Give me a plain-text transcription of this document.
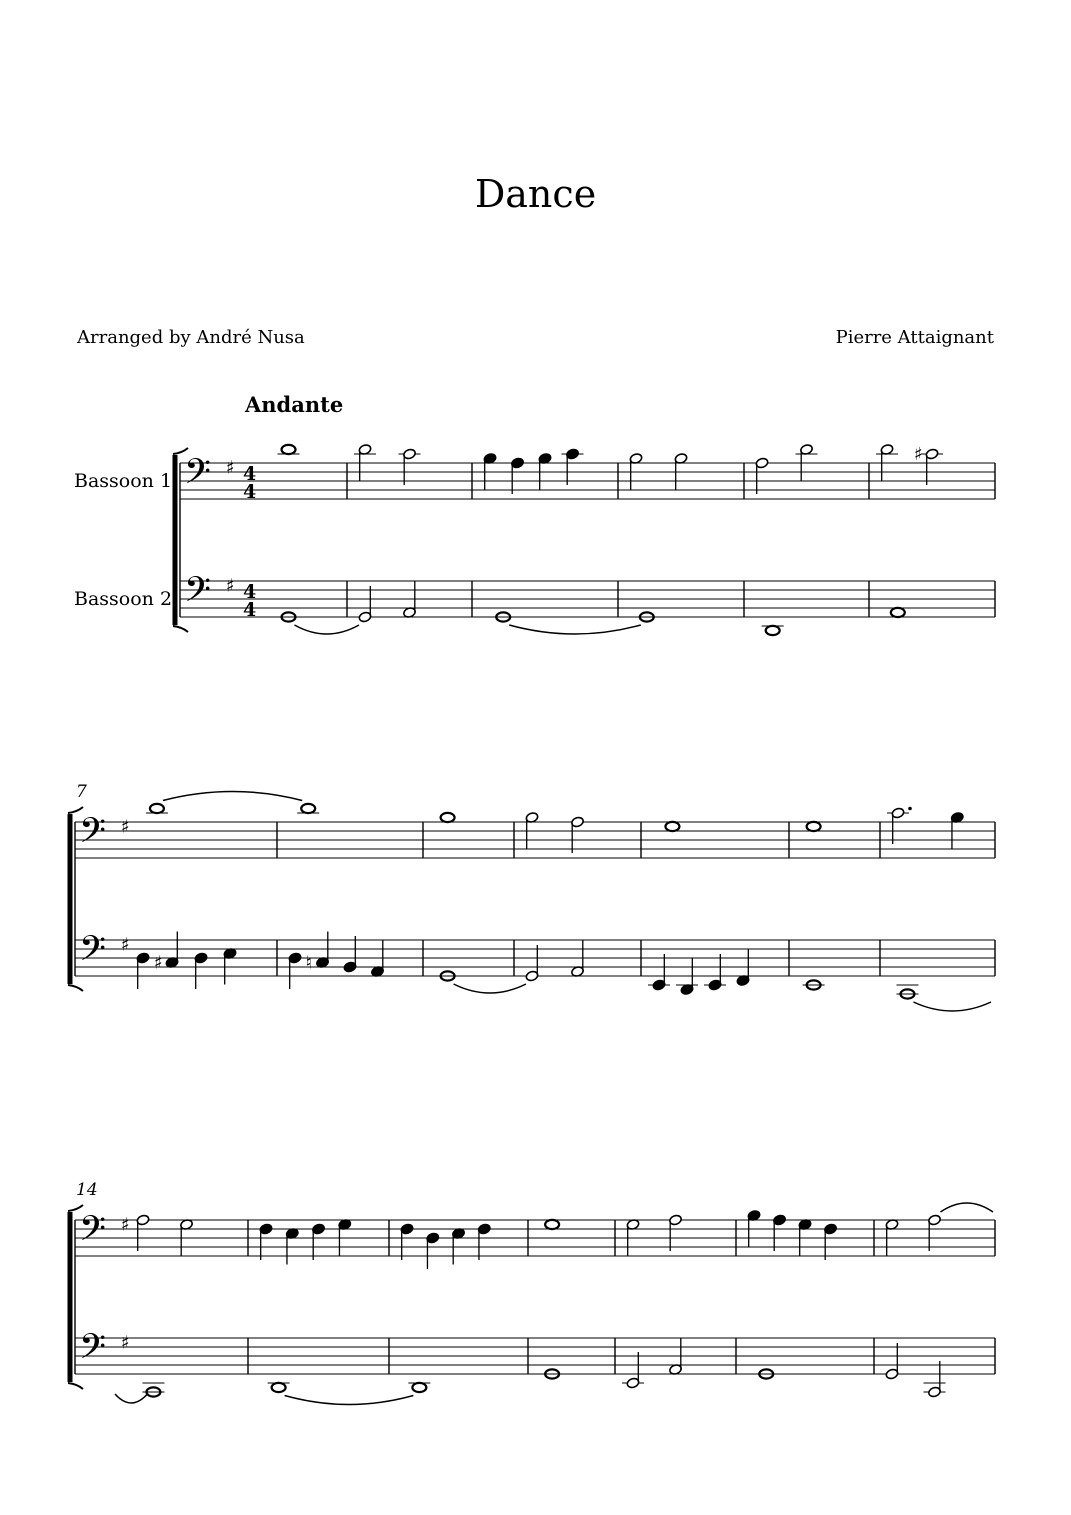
Dance
Arranged by André Nusa	Pierre Attaignant
Andante
Bassoon 1
Bassoon 2
7
14
𝄢 ♯ 4
4
𝄢 ♯ 4
4
♯
𝄢 ♯
𝄢 ♯
♯	♮
𝄢 ♯
𝄢 ♯
